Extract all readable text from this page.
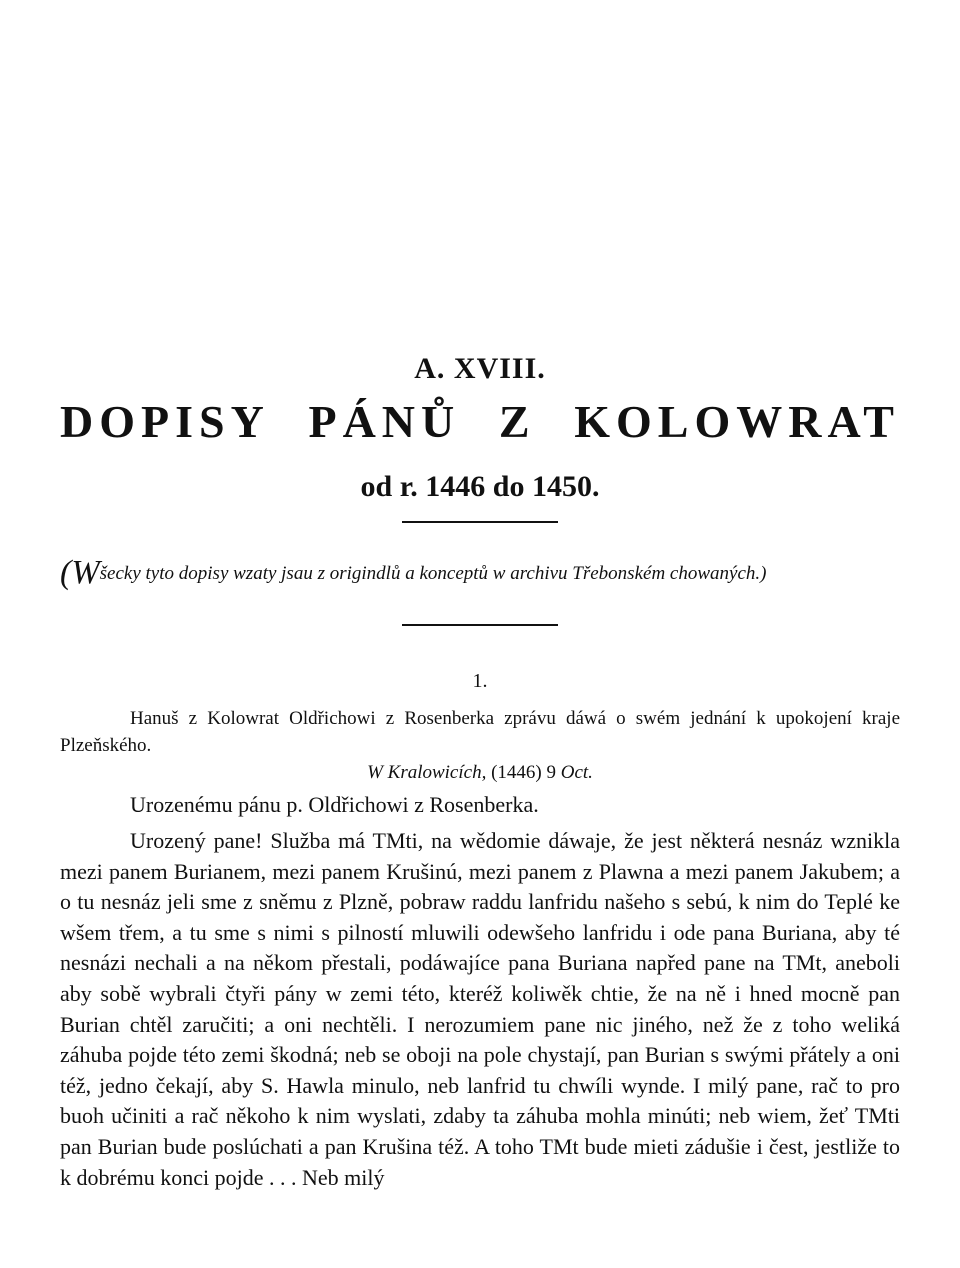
A. XVIII.
DOPISY PÁNŮ Z KOLOWRAT
od r. 1446 do 1450.
(Wšecky tyto dopisy wzaty jsau z origindlů a konceptů w archivu Třebonském chowaných.)
1.
Hanuš z Kolowrat Oldřichowi z Rosenberka zprávu dáwá o swém jednání k upokojení kraje Plzeňského.
W Kralowicích, (1446) 9 Oct.
Urozenému pánu p. Oldřichowi z Rosenberka.
Urozený pane! Služba má TMti, na wědomie dáwaje, že jest některá nesnáz wznikla mezi panem Burianem, mezi panem Krušinú, mezi panem z Plawna a mezi panem Jakubem; a o tu nesnáz jeli sme z sněmu z Plzně, pobraw raddu lanfridu našeho s sebú, k nim do Teplé ke wšem třem, a tu sme s nimi s pilností mluwili odewšeho lanfridu i ode pana Buriana, aby té nesnázi nechali a na někom přestali, podáwajíce pana Buriana napřed pane na TMt, aneboli aby sobě wybrali čtyři pány w zemi této, kteréž koliwěk chtie, že na ně i hned mocně pan Burian chtěl zaručiti; a oni nechtěli. I nerozumiem pane nic jiného, než že z toho weliká záhuba pojde této zemi škodná; neb se oboji na pole chystají, pan Burian s swými přátely a oni též, jedno čekají, aby S. Hawla minulo, neb lanfrid tu chwíli wynde. I milý pane, rač to pro buoh učiniti a rač někoho k nim wyslati, zdaby ta záhuba mohla minúti; neb wiem, žeť TMti pan Burian bude poslúchati a pan Krušina též. A toho TMt bude mieti zádušie i čest, jestliže to k dobrému konci pojde . . . Neb milý
